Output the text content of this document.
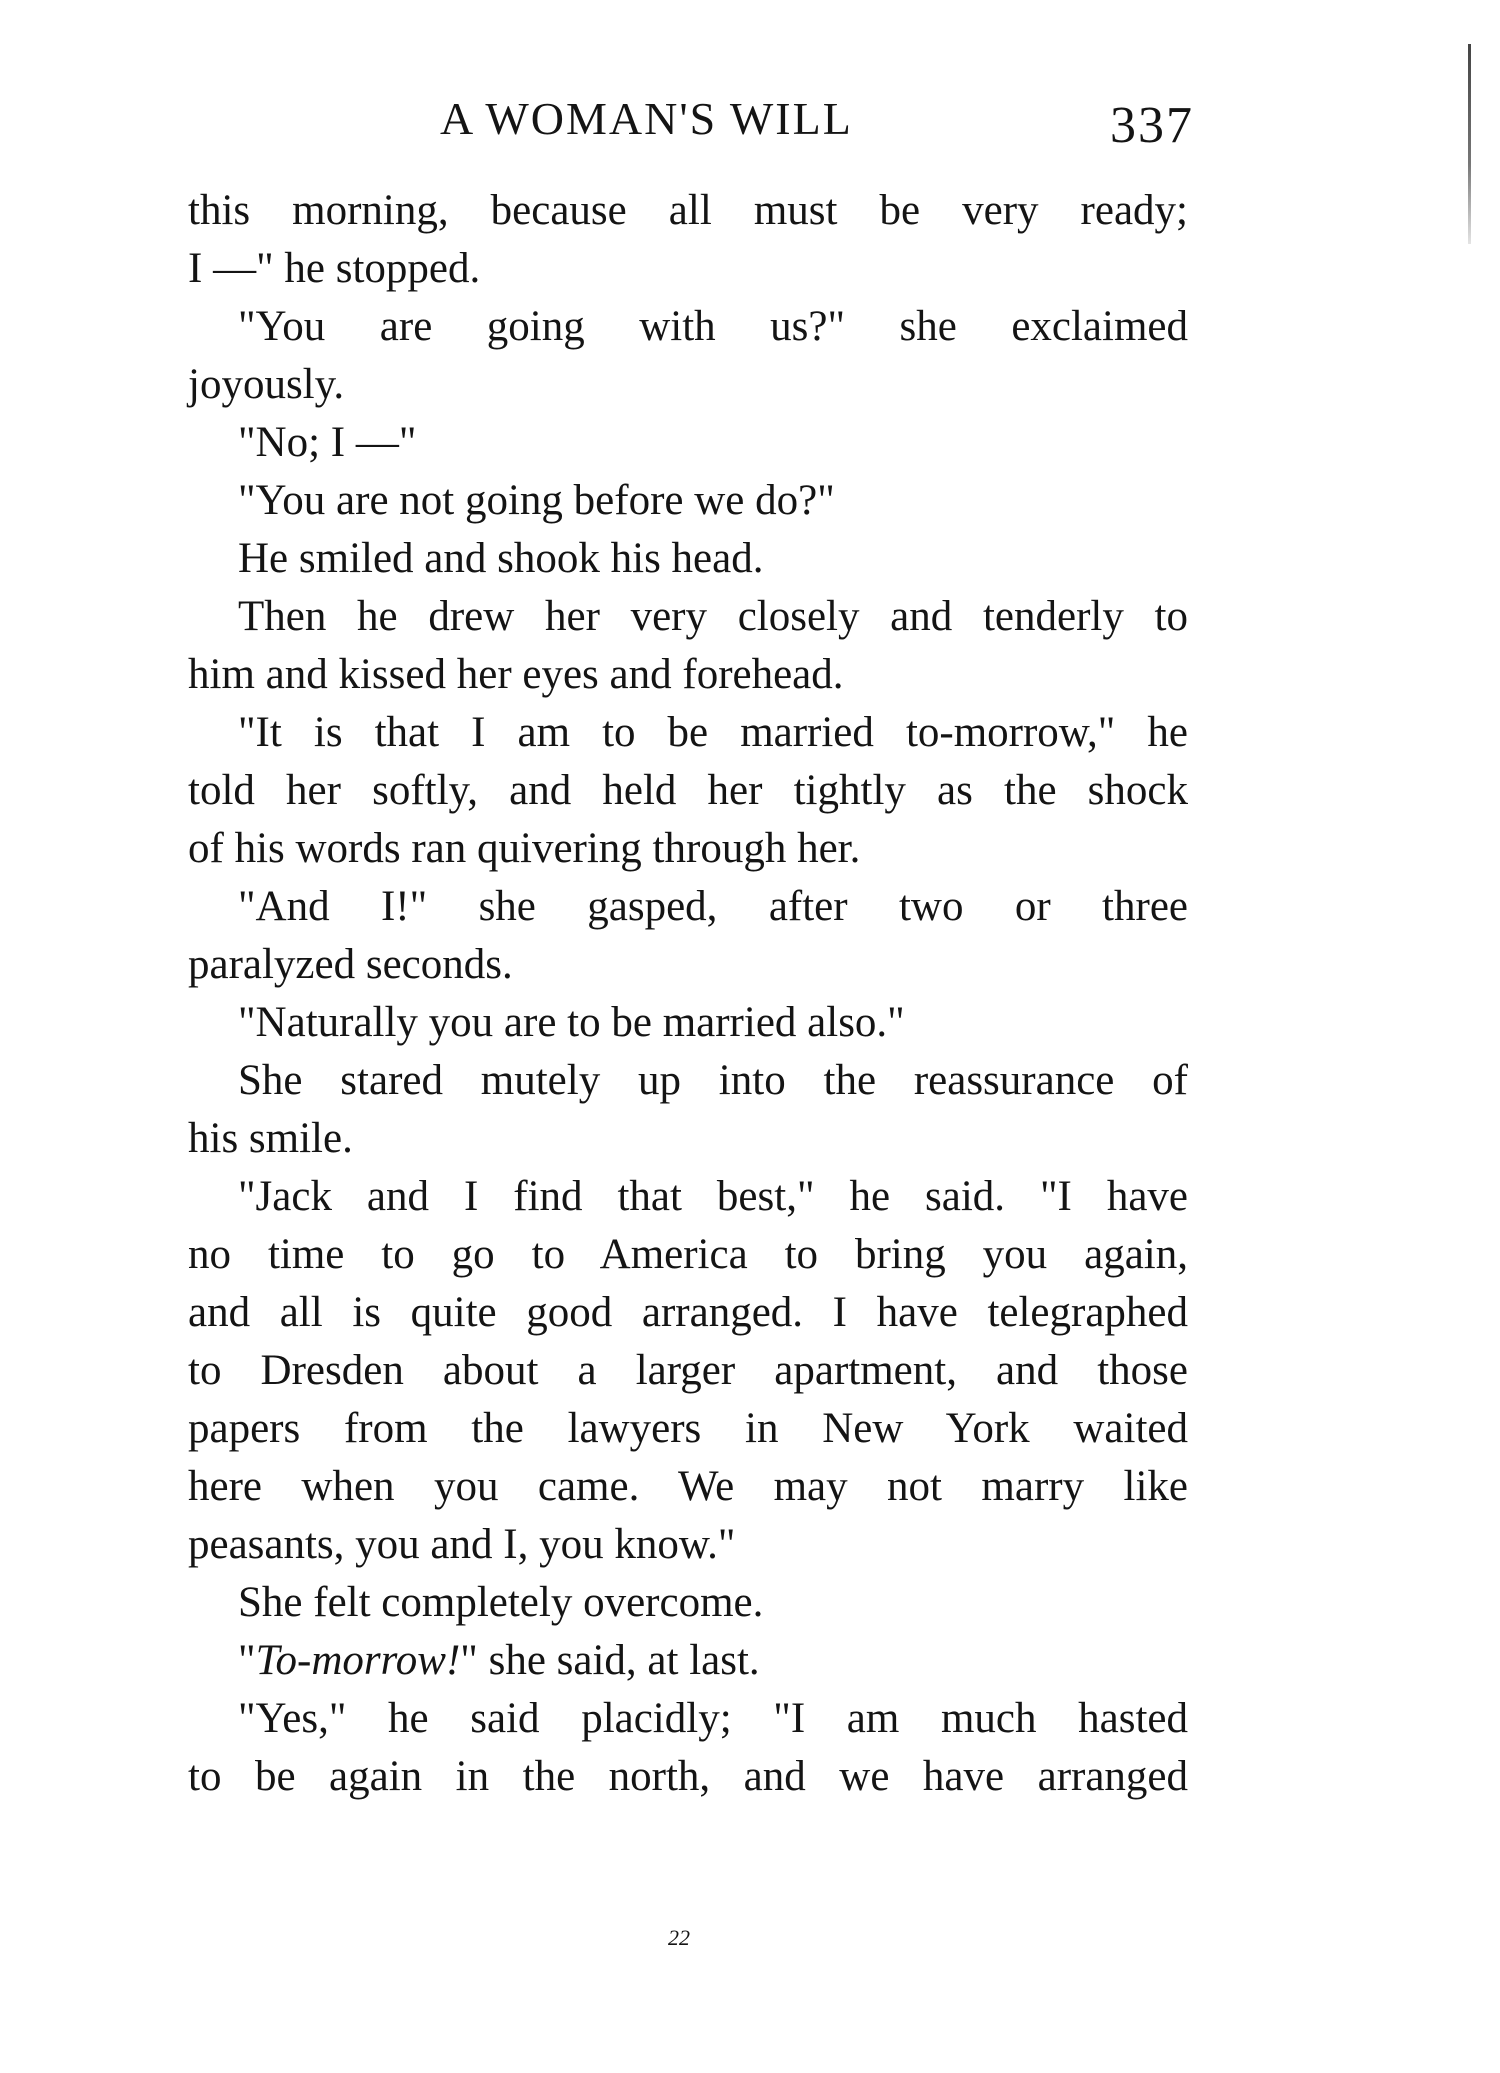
A WOMAN'S WILL	337
this morning, because all must be very ready;
I —" he stopped.
"You are going with us?" she exclaimed
joyously.
"No; I —"
"You are not going before we do?"
He smiled and shook his head.
Then he drew her very closely and tenderly to
him and kissed her eyes and forehead.
"It is that I am to be married to-morrow," he
told her softly, and held her tightly as the shock
of his words ran quivering through her.
"And I!" she gasped, after two or three
paralyzed seconds.
"Naturally you are to be married also."
She stared mutely up into the reassurance of
his smile.
"Jack and I find that best," he said. "I have
no time to go to America to bring you again,
and all is quite good arranged. I have telegraphed
to Dresden about a larger apartment, and those
papers from the lawyers in New York waited
here when you came. We may not marry like
peasants, you and I, you know."
She felt completely overcome.
"To-morrow!" she said, at last.
"Yes," he said placidly; "I am much hasted
to be again in the north, and we have arranged
22
